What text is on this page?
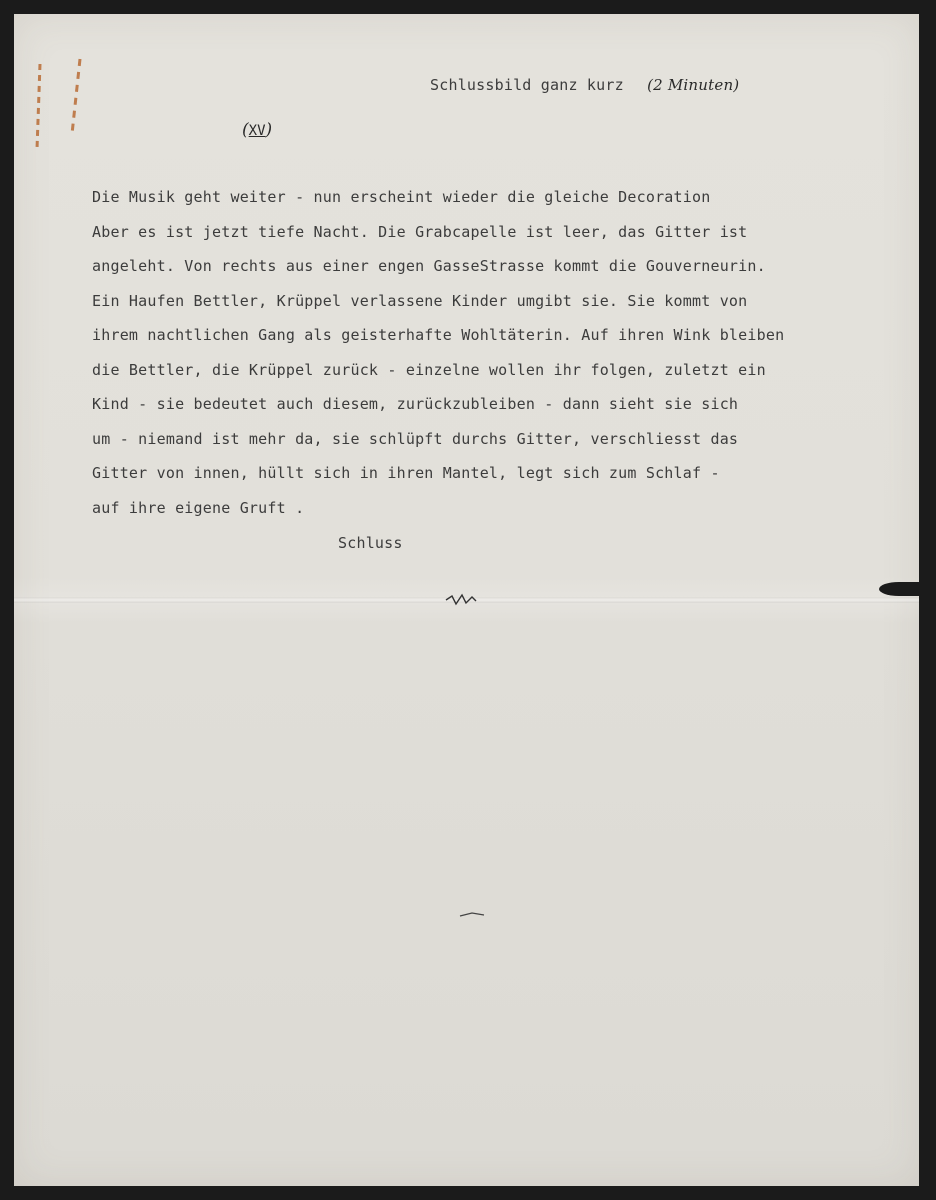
Schlussbild ganz kurz (2 Minuten)
(XV)
Die Musik geht weiter - nun erscheint wieder die gleiche Decoration
Aber es ist jetzt tiefe Nacht. Die Grabcapelle ist leer, das Gitter ist
angeleht. Von rechts aus einer engen GasseStrasse kommt die Gouverneurin.
Ein Haufen Bettler, Krüppel verlassene Kinder umgibt sie. Sie kommt von
ihrem nachtlichen Gang als geisterhafte Wohltäterin. Auf ihren Wink bleiben
die Bettler, die Krüppel zurück - einzelne wollen ihr folgen, zuletzt ein
Kind - sie bedeutet auch diesem, zurückzubleiben - dann sieht sie sich
um - niemand ist mehr da, sie schlüpft durchs Gitter, verschliesst das
Gitter von innen, hüllt sich in ihren Mantel, legt sich zum Schlaf -
auf ihre eigene Gruft .
Schluss
